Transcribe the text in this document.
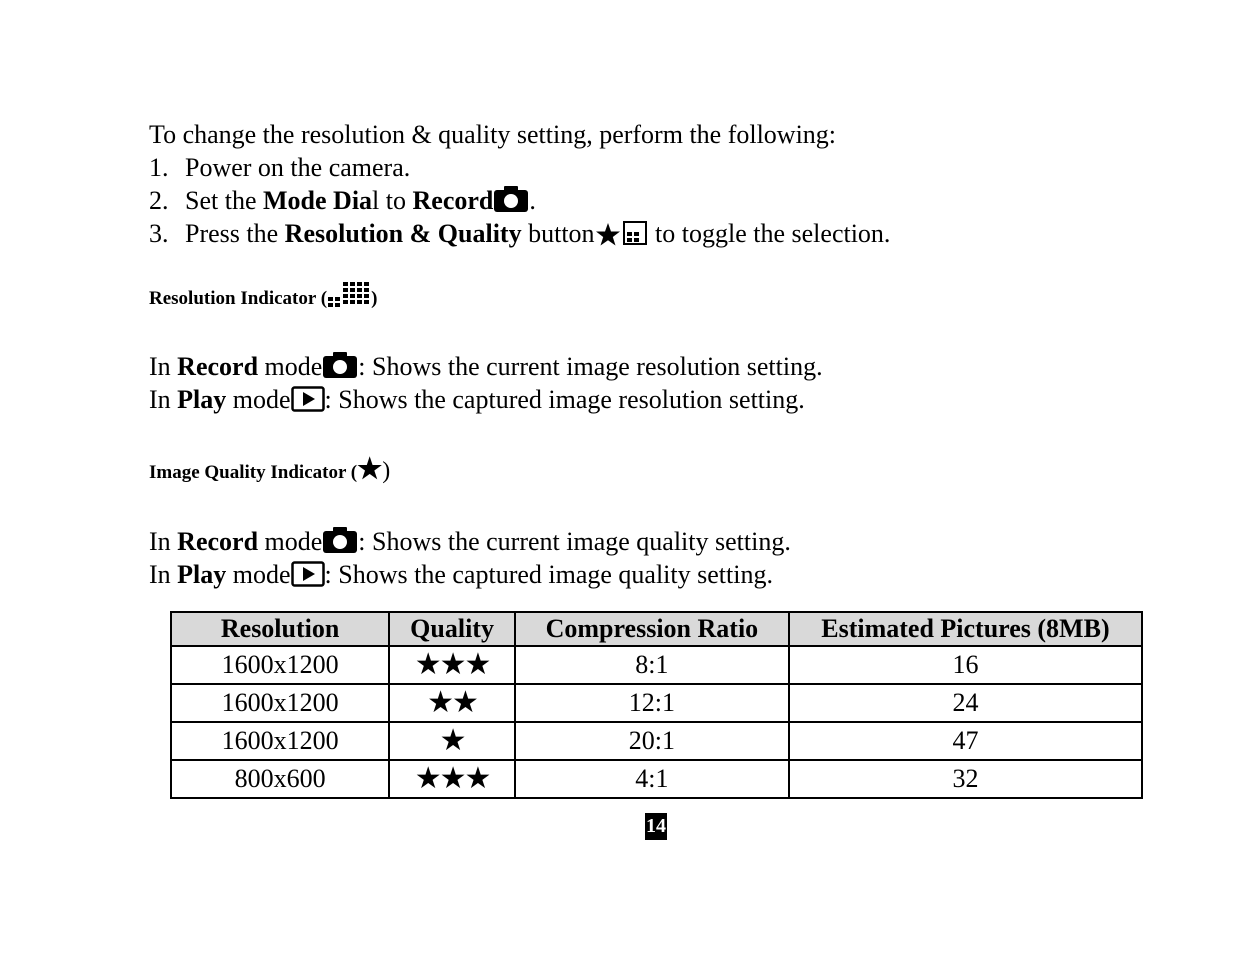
To change the resolution & quality setting, perform the following:
1. Power on the camera.
2. Set the Mode Dial to Record .
3. Press the Resolution & Quality button to toggle the selection.
Resolution Indicator ( )
In Record mode : Shows the current image resolution setting.
In Play mode : Shows the captured image resolution setting.
Image Quality Indicator (★)
In Record mode : Shows the current image quality setting.
In Play mode : Shows the captured image quality setting.
Resolution	Quality	Compression Ratio	Estimated Pictures (8MB)
1600x1200	★★★	8:1	16
1600x1200	★★	12:1	24
1600x1200	★	20:1	47
800x600	★★★	4:1	32
14
